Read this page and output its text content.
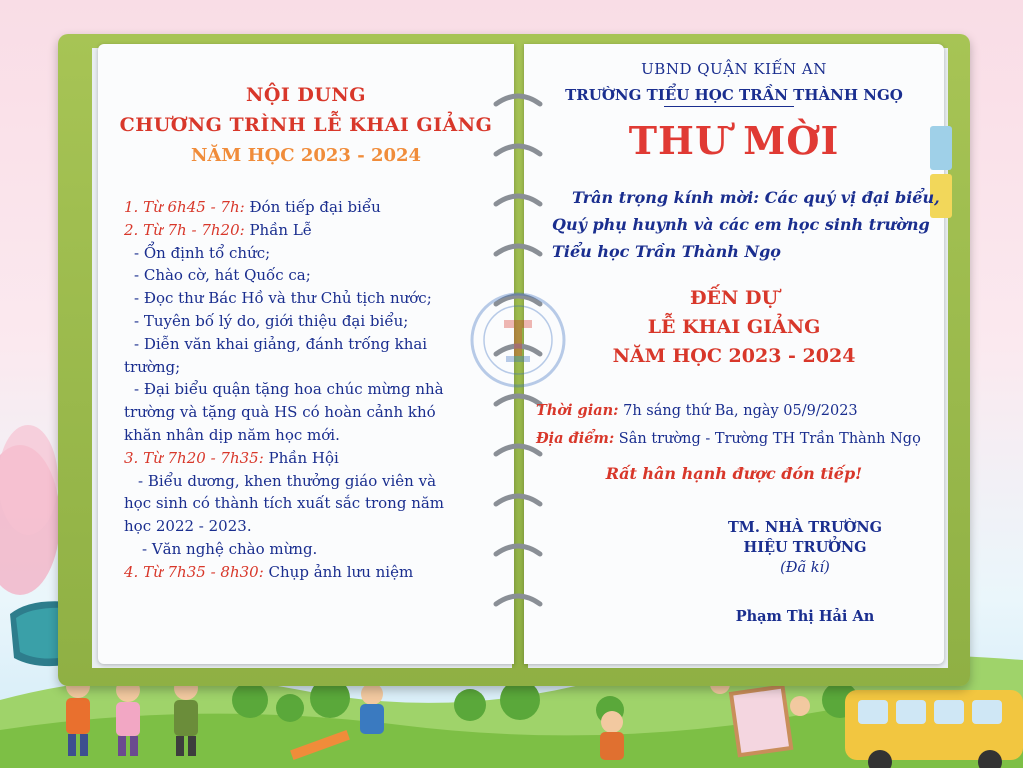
NỘI DUNG

CHƯƠNG TRÌNH LỄ KHAI GIẢNG

NĂM HỌC 2023 - 2024

1. Từ 6h45 - 7h: Đón tiếp đại biểu
2. Từ 7h - 7h20: Phần Lễ
- Ổn định tổ chức;
- Chào cờ, hát Quốc ca;
- Đọc thư Bác Hồ và thư Chủ tịch nước;
- Tuyên bố lý do, giới thiệu đại biểu;
- Diễn văn khai giảng, đánh trống khai
trường;
- Đại biểu quận tặng hoa chúc mừng nhà
trường và tặng quà HS có hoàn cảnh khó
khăn nhân dịp năm học mới.
3. Từ 7h20 - 7h35: Phần Hội
- Biểu dương, khen thưởng giáo viên và
học sinh có thành tích xuất sắc trong năm
học 2022 - 2023.
- Văn nghệ chào mừng.
4. Từ 7h35 - 8h30: Chụp ảnh lưu niệm

UBND QUẬN KIẾN AN

TRƯỜNG TIỂU HỌC TRẦN THÀNH NGỌ

THƯ MỜI

Trân trọng kính mời: Các quý vị đại biểu,
Quý phụ huynh và các em học sinh trường
Tiểu học Trần Thành Ngọ
ĐẾN DỰ
LỄ KHAI GIẢNG
NĂM HỌC 2023 - 2024

Thời gian: 7h sáng thứ Ba, ngày 05/9/2023

Địa điểm: Sân trường - Trường TH Trần Thành Ngọ

Rất hân hạnh được đón tiếp!

TM. NHÀ TRƯỜNG
HIỆU TRƯỞNG
(Đã kí)

Phạm Thị Hải An
